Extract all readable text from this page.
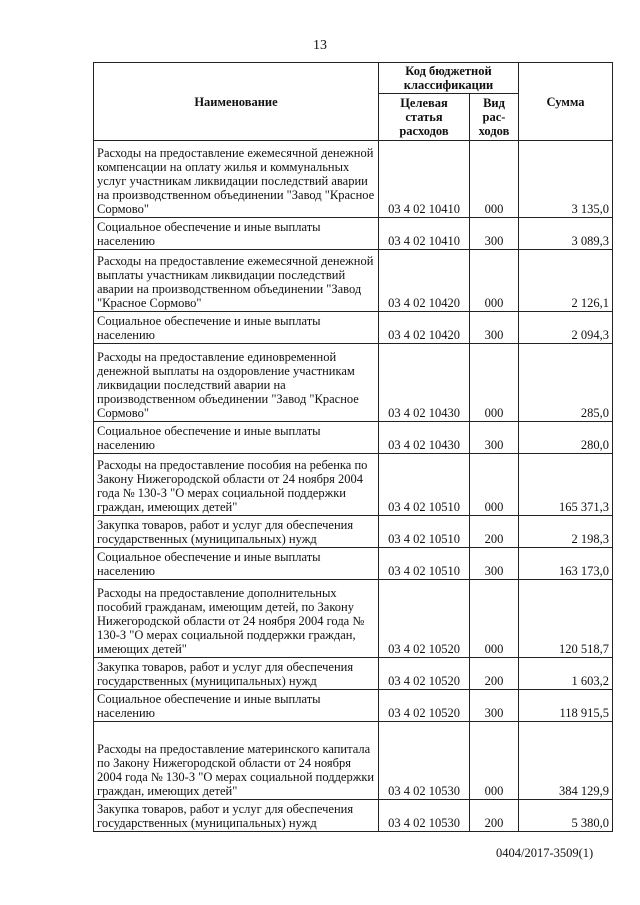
13
Наименование	Код бюджетной классификации		Сумма
	Целевая статья расходов	Вид рас-ходов	
Расходы на предоставление ежемесячной денежной компенсации на оплату жилья и коммунальных услуг участникам ликвидации последствий аварии на производственном объединении "Завод "Красное Сормово"	03 4 02 10410	000	3 135,0
Социальное обеспечение и иные выплаты населению	03 4 02 10410	300	3 089,3
Расходы на предоставление ежемесячной денежной выплаты участникам ликвидации последствий аварии на производственном объединении "Завод "Красное Сормово"	03 4 02 10420	000	2 126,1
Социальное обеспечение и иные выплаты населению	03 4 02 10420	300	2 094,3
Расходы на предоставление единовременной денежной выплаты на оздоровление участникам ликвидации последствий аварии на производственном объединении "Завод "Красное Сормово"	03 4 02 10430	000	285,0
Социальное обеспечение и иные выплаты населению	03 4 02 10430	300	280,0
Расходы на предоставление пособия на ребенка по Закону Нижегородской области от 24 ноября 2004 года № 130-З "О мерах социальной поддержки граждан, имеющих детей"	03 4 02 10510	000	165 371,3
Закупка товаров, работ и услуг для обеспечения государственных (муниципальных) нужд	03 4 02 10510	200	2 198,3
Социальное обеспечение и иные выплаты населению	03 4 02 10510	300	163 173,0
Расходы на предоставление дополнительных пособий гражданам, имеющим детей, по Закону Нижегородской области от 24 ноября 2004 года № 130-З "О мерах социальной поддержки граждан, имеющих детей"	03 4 02 10520	000	120 518,7
Закупка товаров, работ и услуг для обеспечения государственных (муниципальных) нужд	03 4 02 10520	200	1 603,2
Социальное обеспечение и иные выплаты населению	03 4 02 10520	300	118 915,5
Расходы на предоставление материнского капитала по Закону Нижегородской области от 24 ноября 2004 года № 130-З "О мерах социальной поддержки граждан, имеющих детей"	03 4 02 10530	000	384 129,9
Закупка товаров, работ и услуг для обеспечения государственных (муниципальных) нужд	03 4 02 10530	200	5 380,0
0404/2017-3509(1)
